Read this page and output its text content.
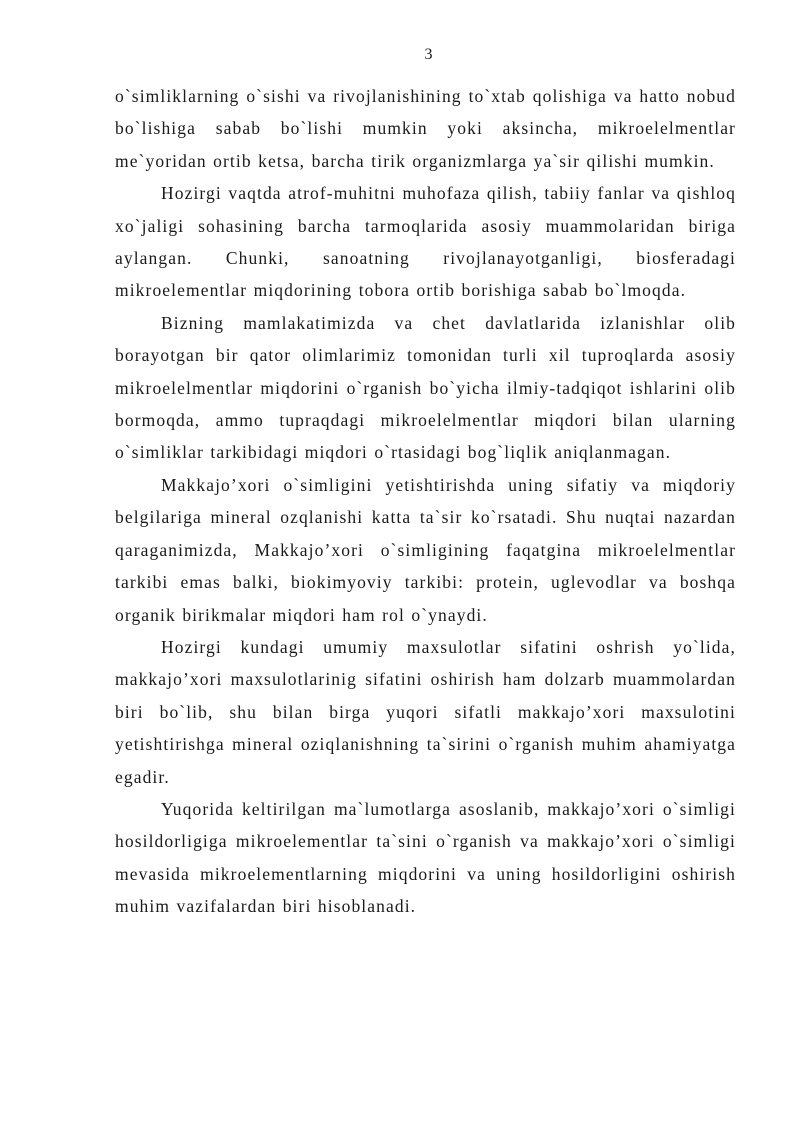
3

o`simliklarning o`sishi va rivojlanishining to`xtab qolishiga va hatto nobud bo`lishiga sabab bo`lishi mumkin yoki aksincha, mikroelelmentlar me`yoridan ortib ketsa, barcha tirik organizmlarga ya`sir qilishi mumkin.

Hozirgi vaqtda atrof-muhitni muhofaza qilish, tabiiy fanlar va qishloq xo`jaligi sohasining barcha tarmoqlarida asosiy muammolaridan biriga aylangan. Chunki, sanoatning rivojlanayotganligi, biosferadagi mikroelementlar miqdorining tobora ortib borishiga sabab bo`lmoqda.

Bizning mamlakatimizda va chet davlatlarida izlanishlar olib borayotgan bir qator olimlarimiz tomonidan turli xil tuproqlarda asosiy mikroelelmentlar miqdorini o`rganish bo`yicha ilmiy-tadqiqot ishlarini olib bormoqda, ammo tupraqdagi mikroelelmentlar miqdori bilan ularning o`simliklar tarkibidagi miqdori o`rtasidagi bog`liqlik aniqlanmagan.

Makkajo’xori o`simligini yetishtirishda uning sifatiy va miqdoriy belgilariga mineral ozqlanishi katta ta`sir ko`rsatadi. Shu nuqtai nazardan qaraganimizda, Makkajo’xori o`simligining faqatgina mikroelelmentlar tarkibi emas balki, biokimyoviy tarkibi: protein, uglevodlar va boshqa organik birikmalar miqdori ham rol o`ynaydi.

Hozirgi kundagi umumiy maxsulotlar sifatini oshrish yo`lida, makkajo’xori maxsulotlarinig sifatini oshirish ham dolzarb muammolardan biri bo`lib, shu bilan birga yuqori sifatli makkajo’xori maxsulotini yetishtirishga mineral oziqlanishning ta`sirini o`rganish muhim ahamiyatga egadir.

Yuqorida keltirilgan ma`lumotlarga asoslanib, makkajo’xori o`simligi hosildorligiga mikroelementlar ta`sini o`rganish va makkajo’xori o`simligi mevasida mikroelementlarning miqdorini va uning hosildorligini oshirish muhim vazifalardan biri hisoblanadi.
